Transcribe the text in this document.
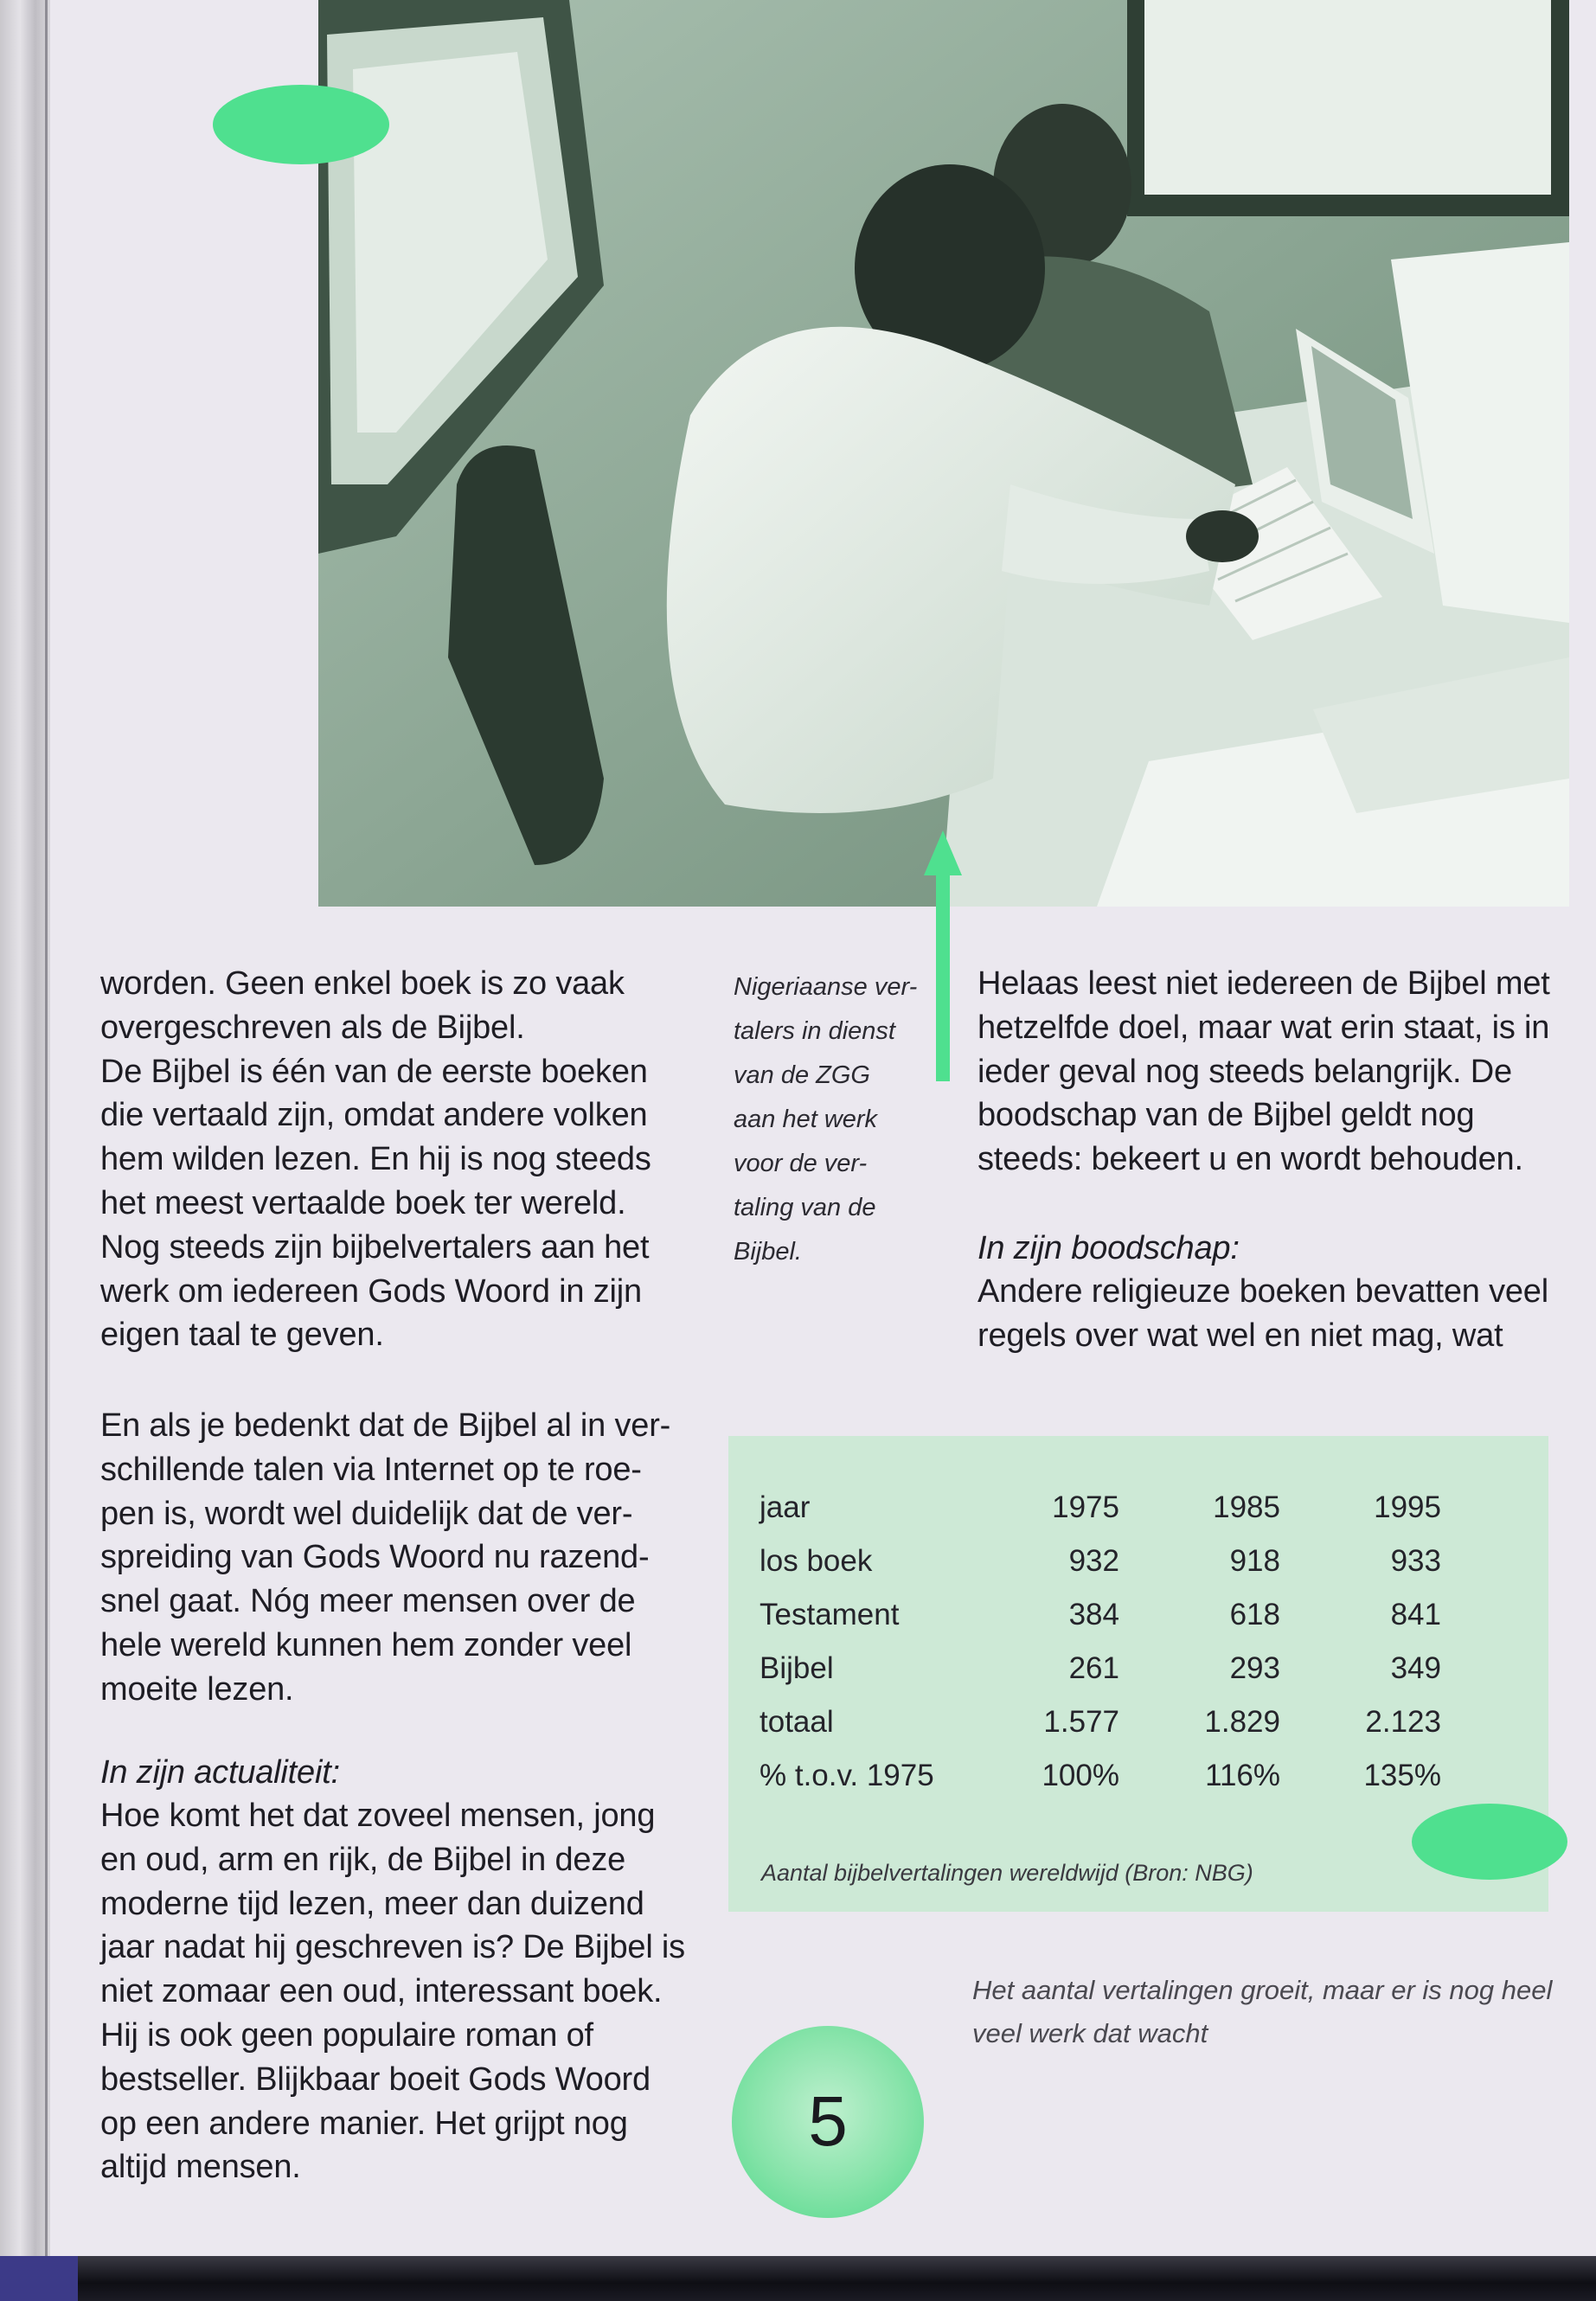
worden. Geen enkel boek is zo vaak
overgeschreven als de Bijbel.
De Bijbel is één van de eerste boeken
die vertaald zijn, omdat andere volken
hem wilden lezen. En hij is nog steeds
het meest vertaalde boek ter wereld.
Nog steeds zijn bijbelvertalers aan het
werk om iedereen Gods Woord in zijn
eigen taal te geven.
En als je bedenkt dat de Bijbel al in ver-
schillende talen via Internet op te roe-
pen is, wordt wel duidelijk dat de ver-
spreiding van Gods Woord nu razend-
snel gaat. Nóg meer mensen over de
hele wereld kunnen hem zonder veel
moeite lezen.
In zijn actualiteit:
Hoe komt het dat zoveel mensen, jong
en oud, arm en rijk, de Bijbel in deze
moderne tijd lezen, meer dan duizend
jaar nadat hij geschreven is? De Bijbel is
niet zomaar een oud, interessant boek.
Hij is ook geen populaire roman of
bestseller. Blijkbaar boeit Gods Woord
op een andere manier. Het grijpt nog
altijd mensen.
Nigeriaanse ver-
talers in dienst
van de ZGG
aan het werk
voor de ver-
taling van de
Bijbel.
Helaas leest niet iedereen de Bijbel met
hetzelfde doel, maar wat erin staat, is in
ieder geval nog steeds belangrijk. De
boodschap van de Bijbel geldt nog
steeds: bekeert u en wordt behouden.
In zijn boodschap:
Andere religieuze boeken bevatten veel
regels over wat wel en niet mag, wat
jaar	1975	1985	1995
los boek	932	918	933
Testament	384	618	841
Bijbel	261	293	349
totaal	1.577	1.829	2.123
% t.o.v. 1975	100%	116%	135%
Aantal bijbelvertalingen wereldwijd (Bron: NBG)
Het aantal vertalingen groeit, maar er is nog heel
veel werk dat wacht
5
